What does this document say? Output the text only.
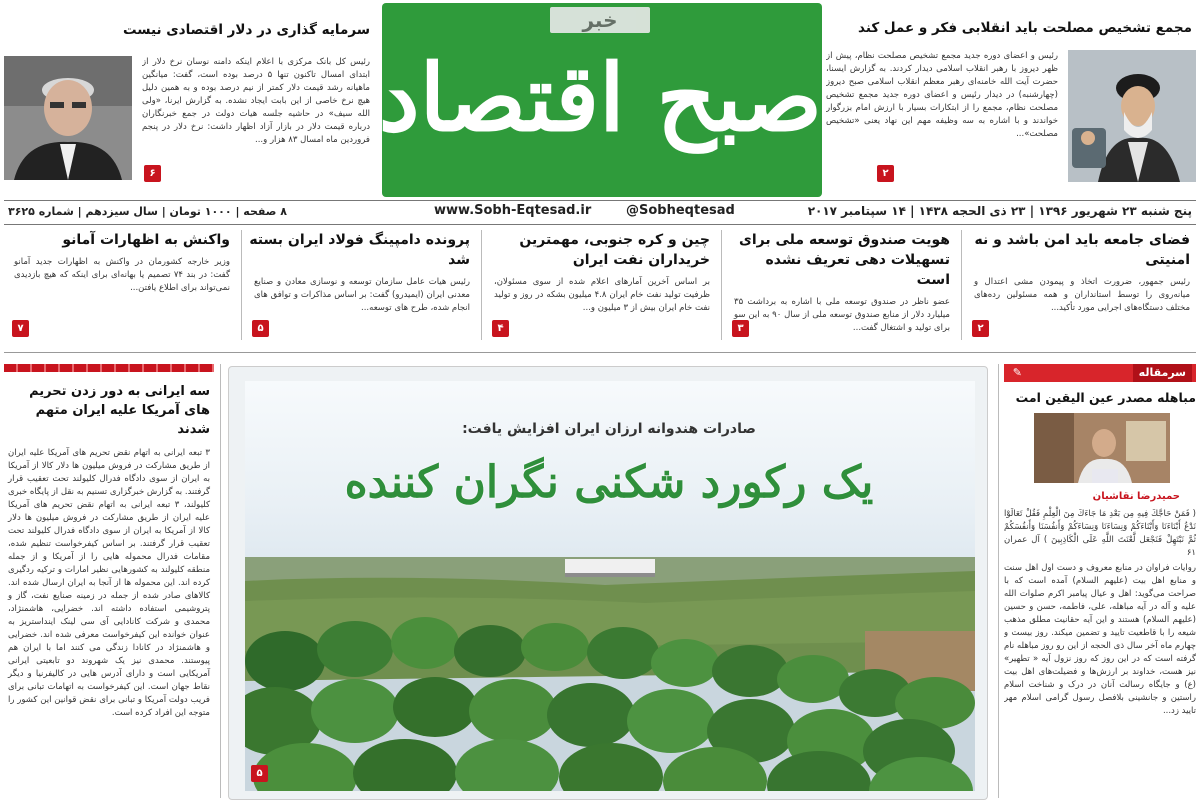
مجمع تشخیص مصلحت باید انقلابی فکر و عمل کند
رئیس و اعضای دوره جدید مجمع تشخیص مصلحت نظام، پیش از ظهر دیروز با رهبر انقلاب اسلامی دیدار کردند. به گزارش ایسنا، حضرت آیت الله خامنه‌ای رهبر معظم انقلاب اسلامی صبح دیروز (چهارشنبه) در دیدار رئیس و اعضای دوره جدید مجمع تشخیص مصلحت نظام، مجمع را از ابتکارات بسیار با ارزش امام بزرگوار خواندند و با اشاره به سه وظیفه مهم این نهاد یعنی «تشخیص مصلحت»...
۲
خبر
صبح اقتصاد
سرمایه گذاری در دلار اقتصادی نیست
رئیس کل بانک مرکزی با اعلام اینکه دامنه نوسان نرخ دلار از ابتدای امسال تاکنون تنها ۵ درصد بوده است، گفت: میانگین ماهیانه رشد قیمت دلار کمتر از نیم درصد بوده و به همین دلیل هیچ نرخ خاصی از این بابت ایجاد نشده. به گزارش ایرنا، «ولی الله سیف» در حاشیه جلسه هیات دولت در جمع خبرنگاران درباره قیمت دلار در بازار آزاد اظهار داشت: نرخ دلار در پنجم فروردین ماه امسال ۸۳ هزار و...
۶
پنج شنبه ۲۳ شهریور ۱۳۹۶ | ۲۳ ذی الحجه ۱۴۳۸ | ۱۴ سپتامبر ۲۰۱۷
@Sobheqtesad
www.Sobh-Eqtesad.ir
۸ صفحه | ۱۰۰۰ تومان | سال سیزدهم | شماره ۳۶۲۵
فضای جامعه باید امن باشد و نه امنیتی
رئیس جمهور، ضرورت اتخاذ و پیمودن مشی اعتدال و میانه‌روی را توسط استانداران و همه مسئولین رده‌های مختلف دستگاه‌های اجرایی مورد تأکید...
۲
هویت صندوق توسعه ملی برای تسهیلات دهی تعریف نشده است
عضو ناظر در صندوق توسعه ملی با اشاره به برداشت ۳۵ میلیارد دلار از منابع صندوق توسعه ملی از سال ۹۰ به این سو برای تولید و اشتغال گفت...
۳
چین و کره جنوبی، مهمترین خریداران نفت ایران
بر اساس آخرین آمارهای اعلام شده از سوی مسئولان، ظرفیت تولید نفت خام ایران ۴.۸ میلیون بشکه در روز و تولید نفت خام ایران بیش از ۳ میلیون و...
۴
پرونده دامپینگ فولاد ایران بسته شد
رئیس هیات عامل سازمان توسعه و نوسازی معادن و صنایع معدنی ایران (ایمیدرو) گفت: بر اساس مذاکرات و توافق های انجام شده، طرح های توسعه...
۵
واکنش به اظهارات آمانو
وزیر خارجه کشورمان در واکنش به اظهارات جدید آمانو گفت: در بند ۷۴ تصمیم یا بهانه‌ای برای اینکه که هیچ بازدیدی نمی‌تواند برای اطلاع یافتن...
۷
سرمقاله
✎
مباهله مصدر عین الیقین امت
حمیدرضا نقاشیان
( فَمَنْ حَاجَّكَ فِيهِ مِن بَعْدِ مَا جَاءَكَ مِنَ الْعِلْمِ فَقُلْ تَعَالَوْا نَدْعُ أَبْنَاءَنَا وَأَبْنَاءَكُمْ وَنِسَاءَنَا وَنِسَاءَكُمْ وَأَنفُسَنَا وَأَنفُسَكُمْ ثُمَّ نَبْتَهِلْ فَنَجْعَل لَّعْنَتَ اللَّهِ عَلَى الْكَاذِبِينَ ) آل عمران ۶۱
روایات فراوان در منابع معروف و دست اول اهل سنت و منابع اهل بیت (علیهم السلام) آمده است که با صراحت می‌گوید: اهل و عیال پیامبر اکرم صلوات الله علیه و آله در آیه مباهله، علی، فاطمه، حسن و حسین (علیهم السلام) هستند و این آیه حقانیت مطلق مذهب شیعه را با قاطعیت تایید و تضمین میکند. روز بیست و چهارم ماه آخر سال ذی الحجه از این رو روز مباهله نام گرفته است که در این روز که روز نزول آیه « تطهیر» نیز هست، خداوند بر ارزش‌ها و فضیلت‌های اهل بیت (ع) و جایگاه رسالت آنان در درک و شناخت اسلام راستین و جانشینی بلافصل رسول گرامی اسلام مهر تایید زد...
صادرات هندوانه ارزان ایران افزایش یافت:
یک رکورد شکنی نگران کننده
۵
سه ایرانی به دور زدن تحریم های آمریکا علیه ایران متهم شدند
۳ تبعه ایرانی به اتهام نقض تحریم های آمریکا علیه ایران از طریق مشارکت در فروش میلیون ها دلار کالا از آمریکا به ایران از سوی دادگاه فدرال کلیولند تحت تعقیب قرار گرفتند. به گزارش خبرگزاری تسنیم به نقل از پایگاه خبری کلیولند، ۳ تبعه ایرانی به اتهام نقض تحریم های آمریکا علیه ایران از طریق مشارکت در فروش میلیون ها دلار کالا از آمریکا به ایران از سوی دادگاه فدرال کلیولند تحت تعقیب قرار گرفتند. بر اساس کیفرخواست تنظیم شده، مقامات فدرال محموله هایی را از آمریکا و از جمله منطقه کلیولند به کشورهایی نظیر امارات و ترکیه ردگیری کرده اند. این محموله ها از آنجا به ایران ارسال شده اند. کالاهای صادر شده از جمله در زمینه صنایع نفت، گاز و پتروشیمی استفاده داشته اند. خضرایی، هاشمنژاد، محمدی و شرکت کانادایی آی سی لینک اینداستریز به عنوان خوانده این کیفرخواست معرفی شده اند. خضرایی و هاشمنژاد در کانادا زندگی می کنند اما با ایران هم پیوستند. محمدی نیز یک شهروند دو تابعیتی ایرانی آمریکایی است و دارای آدرس هایی در کالیفرنیا و دیگر نقاط جهان است. این کیفرخواست به اتهامات تبانی برای فریب دولت آمریکا و تبانی برای نقض قوانین این کشور را متوجه این افراد کرده است.
